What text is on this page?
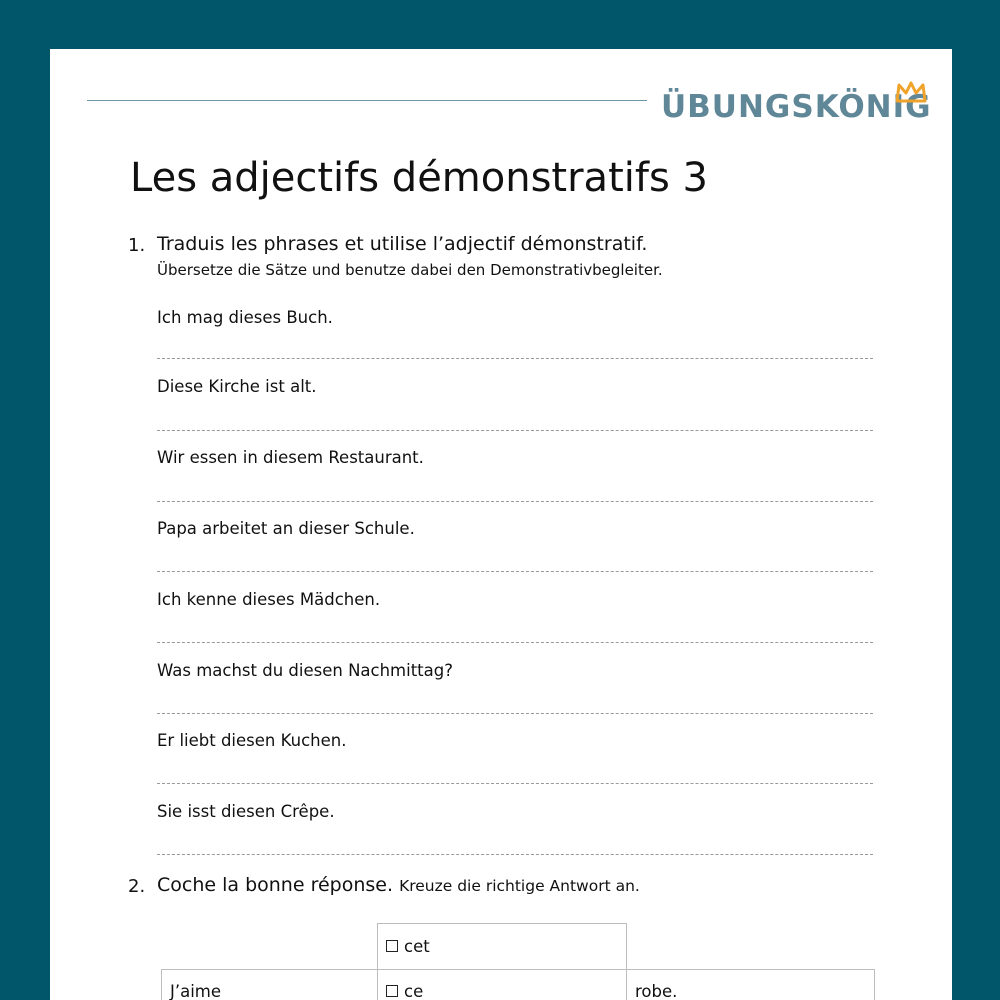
ÜBUNGSKÖNIG
Les adjectifs démonstratifs 3
1. Traduis les phrases et utilise l’adjectif démonstratif.
Übersetze die Sätze und benutze dabei den Demonstrativbegleiter.
Ich mag dieses Buch.
Diese Kirche ist alt.
Wir essen in diesem Restaurant.
Papa arbeitet an dieser Schule.
Ich kenne dieses Mädchen.
Was machst du diesen Nachmittag?
Er liebt diesen Kuchen.
Sie isst diesen Crêpe.
2. Coche la bonne réponse. Kreuze die richtige Antwort an.
cet
J’aime	ce	robe.
